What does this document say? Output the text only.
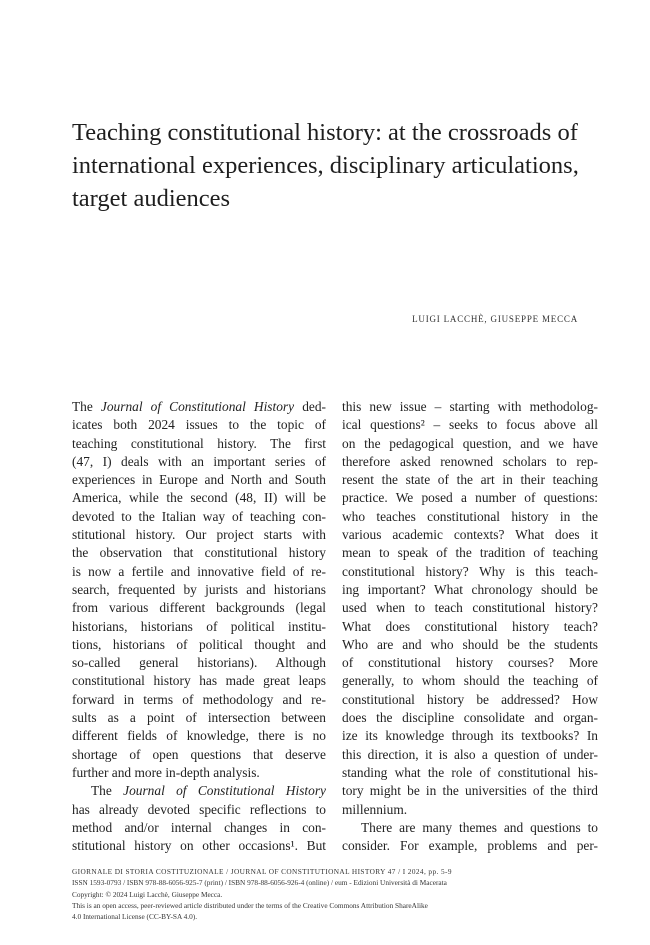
Teaching constitutional history: at the crossroads of international experiences, disciplinary articulations, target audiences
LUIGI LACCHÈ, GIUSEPPE MECCA
The Journal of Constitutional History ded-
icates both 2024 issues to the topic of
teaching constitutional history. The first
(47, I) deals with an important series of
experiences in Europe and North and South
America, while the second (48, II) will be
devoted to the Italian way of teaching con-
stitutional history. Our project starts with
the observation that constitutional history
is now a fertile and innovative field of re-
search, frequented by jurists and historians
from various different backgrounds (legal
historians, historians of political institu-
tions, historians of political thought and
so-called general historians). Although
constitutional history has made great leaps
forward in terms of methodology and re-
sults as a point of intersection between
different fields of knowledge, there is no
shortage of open questions that deserve
further and more in-depth analysis.
The Journal of Constitutional History
has already devoted specific reflections to
method and/or internal changes in con-
stitutional history on other occasions¹. But
this new issue – starting with methodolog-
ical questions² – seeks to focus above all
on the pedagogical question, and we have
therefore asked renowned scholars to rep-
resent the state of the art in their teaching
practice. We posed a number of questions:
who teaches constitutional history in the
various academic contexts? What does it
mean to speak of the tradition of teaching
constitutional history? Why is this teach-
ing important? What chronology should be
used when to teach constitutional history?
What does constitutional history teach?
Who are and who should be the students
of constitutional history courses? More
generally, to whom should the teaching of
constitutional history be addressed? How
does the discipline consolidate and organ-
ize its knowledge through its textbooks? In
this direction, it is also a question of under-
standing what the role of constitutional his-
tory might be in the universities of the third
millennium.
There are many themes and questions to
consider. For example, problems and per-
GIORNALE DI STORIA COSTITUZIONALE / JOURNAL OF CONSTITUTIONAL HISTORY 47 / I 2024, pp. 5-9
ISSN 1593-0793 / ISBN 978-88-6056-925-7 (print) / ISBN 978-88-6056-926-4 (online) / eum - Edizioni Università di Macerata
Copyright: © 2024 Luigi Lacchè, Giuseppe Mecca.
This is an open access, peer-reviewed article distributed under the terms of the Creative Commons Attribution ShareAlike
4.0 International License (CC-BY-SA 4.0).
